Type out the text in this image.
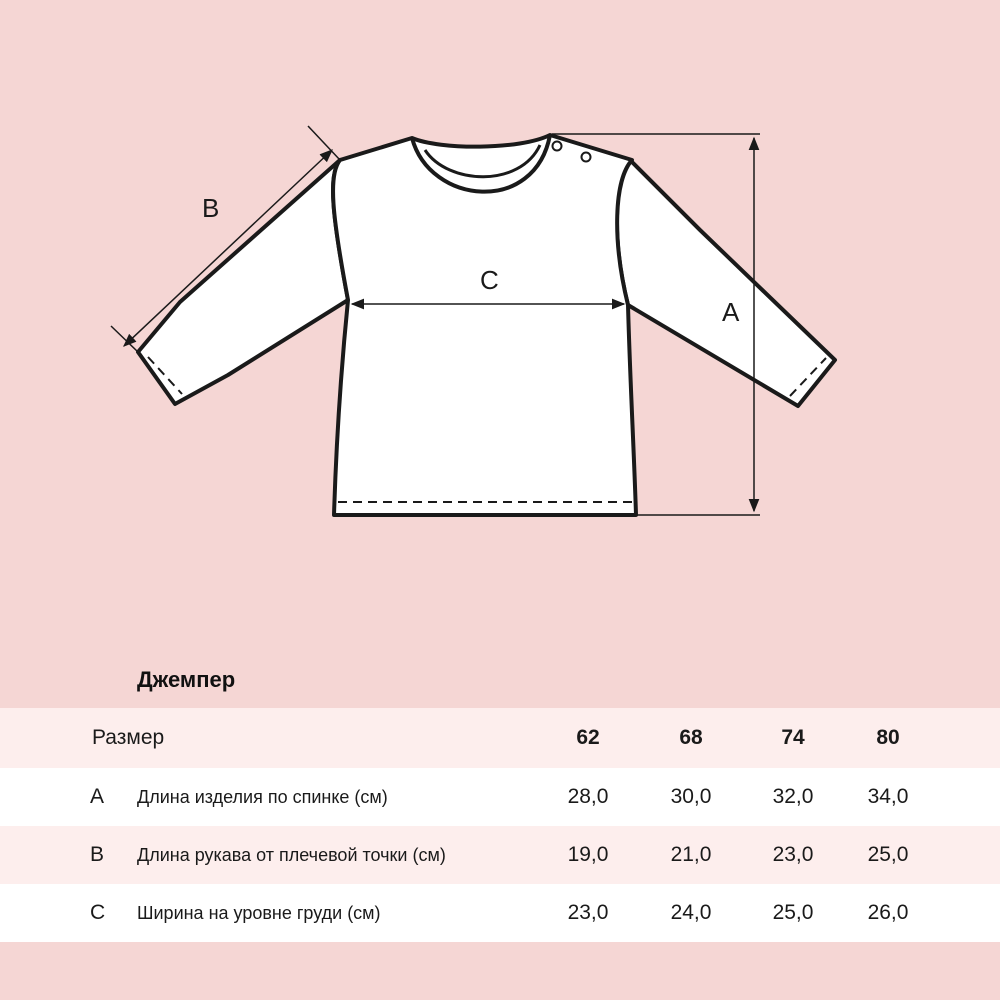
A
B
C
Джемпер
Размер	62	68	74	80
A Длина изделия по спинке (см)	28,0	30,0	32,0	34,0
B Длина рукава от плечевой точки (см)	19,0	21,0	23,0	25,0
C Ширина на уровне груди (см)	23,0	24,0	25,0	26,0
